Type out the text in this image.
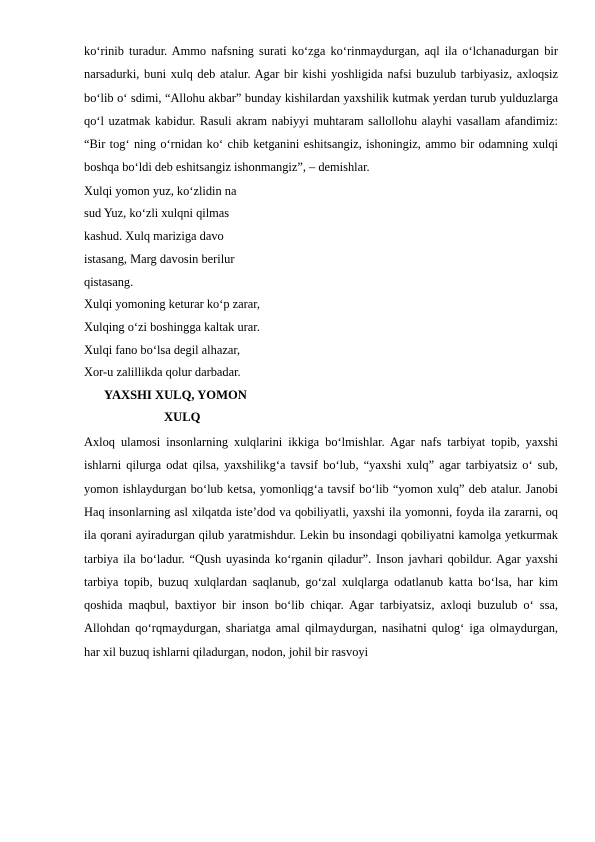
ko‘rinib turadur. Ammo nafsning surati ko‘zga ko‘rinmaydurgan, aql ila o‘lchanadurgan bir narsadurki, buni xulq deb atalur. Agar bir kishi yoshligida nafsi buzulub tarbiyasiz, axloqsiz bo‘lib o‘ sdimi, “Allohu akbar” bunday kishilardan yaxshilik kutmak yerdan turub yulduzlarga qo‘l uzatmak kabidur. Rasuli akram nabiyyi muhtaram sallollohu alayhi vasallam afandimiz: “Bir tog‘ ning o‘rnidan ko‘ chib ketganini eshitsangiz, ishoningiz, ammo bir odamning xulqi boshqa bo‘ldi deb eshitsangiz ishonmangiz”, – demishlar.

Xulqi yomon yuz, ko‘zlidin na
sud Yuz, ko‘zli xulqni qilmas
kashud. Xulq mariziga davo
istasang, Marg davosin berilur
qistasang.
Xulqi yomoning keturar ko‘p zarar,
Xulqing o‘zi boshingga kaltak urar.
Xulqi fano bo‘lsa degil alhazar,
Xor-u zalillikda qolur darbadar.
YAXSHI XULQ, YOMON
XULQ

Axloq ulamosi insonlarning xulqlarini ikkiga bo‘lmishlar. Agar nafs tarbiyat topib, yaxshi ishlarni qilurga odat qilsa, yaxshilikg‘a tavsif bo‘lub, “yaxshi xulq” agar tarbiyatsiz o‘ sub, yomon ishlaydurgan bo‘lub ketsa, yomonliqg‘a tavsif bo‘lib “yomon xulq” deb atalur. Janobi Haq insonlarning asl xilqatda iste’dod va qobiliyatli, yaxshi ila yomonni, foyda ila zararni, oq ila qorani ayiradurgan qilub yaratmishdur. Lekin bu insondagi qobiliyatni kamolga yetkurmak tarbiya ila bo‘ladur. “Qush uyasinda ko‘rganin qiladur”. Inson javhari qobildur. Agar yaxshi tarbiya topib, buzuq xulqlardan saqlanub, go‘zal xulqlarga odatlanub katta bo‘lsa, har kim qoshida maqbul, baxtiyor bir inson bo‘lib chiqar. Agar tarbiyatsiz, axloqi buzulub o‘ ssa, Allohdan qo‘rqmaydurgan, shariatga amal qilmaydurgan, nasihatni qulog‘ iga olmaydurgan, har xil buzuq ishlarni qiladurgan, nodon, johil bir rasvoyi
